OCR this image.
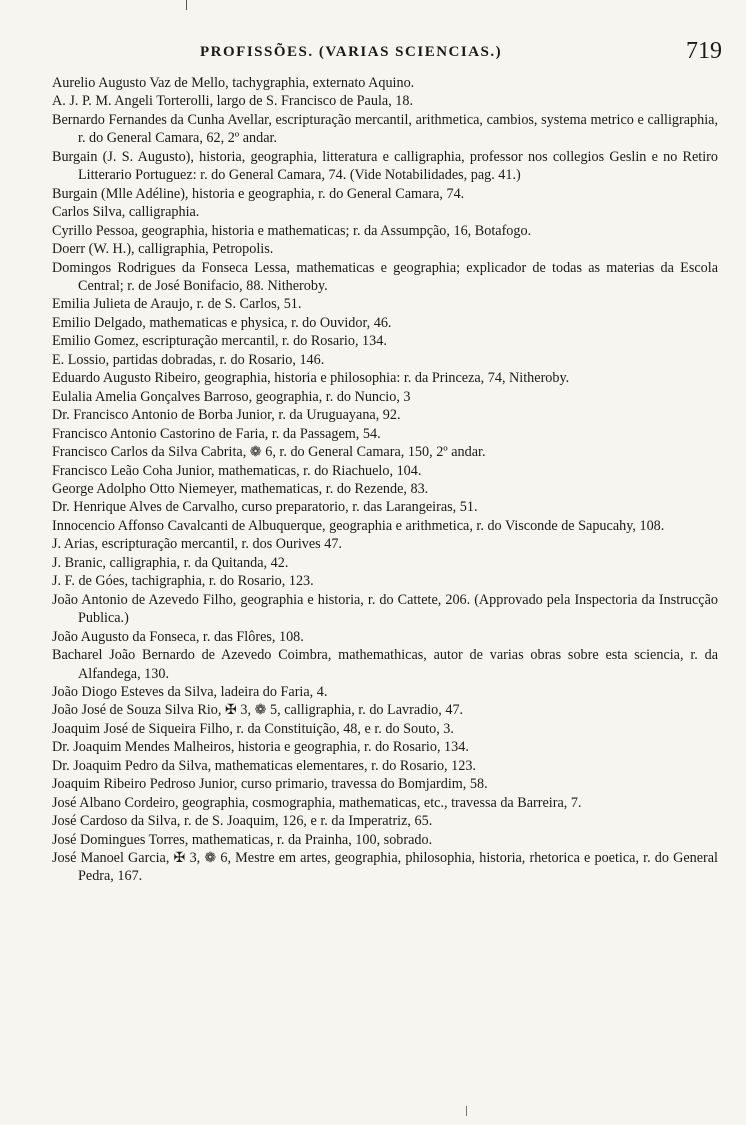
PROFISSÕES. (VARIAS SCIENCIAS.)	719
Aurelio Augusto Vaz de Mello, tachygraphia, externato Aquino.
A. J. P. M. Angeli Torterolli, largo de S. Francisco de Paula, 18.
Bernardo Fernandes da Cunha Avellar, escripturação mercantil, arithmetica, cambios, systema metrico e calligraphia, r. do General Camara, 62, 2º andar.
Burgain (J. S. Augusto), historia, geographia, litteratura e calligraphia, professor nos collegios Geslin e no Retiro Litterario Portuguez: r. do General Camara, 74. (Vide Notabilidades, pag. 41.)
Burgain (Mlle Adéline), historia e geographia, r. do General Camara, 74.
Carlos Silva, calligraphia.
Cyrillo Pessoa, geographia, historia e mathematicas; r. da Assumpção, 16, Botafogo.
Doerr (W. H.), calligraphia, Petropolis.
Domingos Rodrigues da Fonseca Lessa, mathematicas e geographia; explicador de todas as materias da Escola Central; r. de José Bonifacio, 88. Nitheroby.
Emilia Julieta de Araujo, r. de S. Carlos, 51.
Emilio Delgado, mathematicas e physica, r. do Ouvidor, 46.
Emilio Gomez, escripturação mercantil, r. do Rosario, 134.
E. Lossio, partidas dobradas, r. do Rosario, 146.
Eduardo Augusto Ribeiro, geographia, historia e philosophia: r. da Princeza, 74, Nitheroby.
Eulalia Amelia Gonçalves Barroso, geographia, r. do Nuncio, 3
Dr. Francisco Antonio de Borba Junior, r. da Uruguayana, 92.
Francisco Antonio Castorino de Faria, r. da Passagem, 54.
Francisco Carlos da Silva Cabrita, ❁ 6, r. do General Camara, 150, 2º andar.
Francisco Leão Coha Junior, mathematicas, r. do Riachuelo, 104.
George Adolpho Otto Niemeyer, mathematicas, r. do Rezende, 83.
Dr. Henrique Alves de Carvalho, curso preparatorio, r. das Larangeiras, 51.
Innocencio Affonso Cavalcanti de Albuquerque, geographia e arithmetica, r. do Visconde de Sapucahy, 108.
J. Arias, escripturação mercantil, r. dos Ourives 47.
J. Branic, calligraphia, r. da Quitanda, 42.
J. F. de Góes, tachigraphia, r. do Rosario, 123.
João Antonio de Azevedo Filho, geographia e historia, r. do Cattete, 206. (Approvado pela Inspectoria da Instrucção Publica.)
João Augusto da Fonseca, r. das Flôres, 108.
Bacharel João Bernardo de Azevedo Coimbra, mathemathicas, autor de varias obras sobre esta sciencia, r. da Alfandega, 130.
João Diogo Esteves da Silva, ladeira do Faria, 4.
João José de Souza Silva Rio, ✠ 3, ❁ 5, calligraphia, r. do Lavradio, 47.
Joaquim José de Siqueira Filho, r. da Constituição, 48, e r. do Souto, 3.
Dr. Joaquim Mendes Malheiros, historia e geographia, r. do Rosario, 134.
Dr. Joaquim Pedro da Silva, mathematicas elementares, r. do Rosario, 123.
Joaquim Ribeiro Pedroso Junior, curso primario, travessa do Bomjardim, 58.
José Albano Cordeiro, geographia, cosmographia, mathematicas, etc., travessa da Barreira, 7.
José Cardoso da Silva, r. de S. Joaquim, 126, e r. da Imperatriz, 65.
José Domingues Torres, mathematicas, r. da Prainha, 100, sobrado.
José Manoel Garcia, ✠ 3, ❁ 6, Mestre em artes, geographia, philosophia, historia, rhetorica e poetica, r. do General Pedra, 167.
